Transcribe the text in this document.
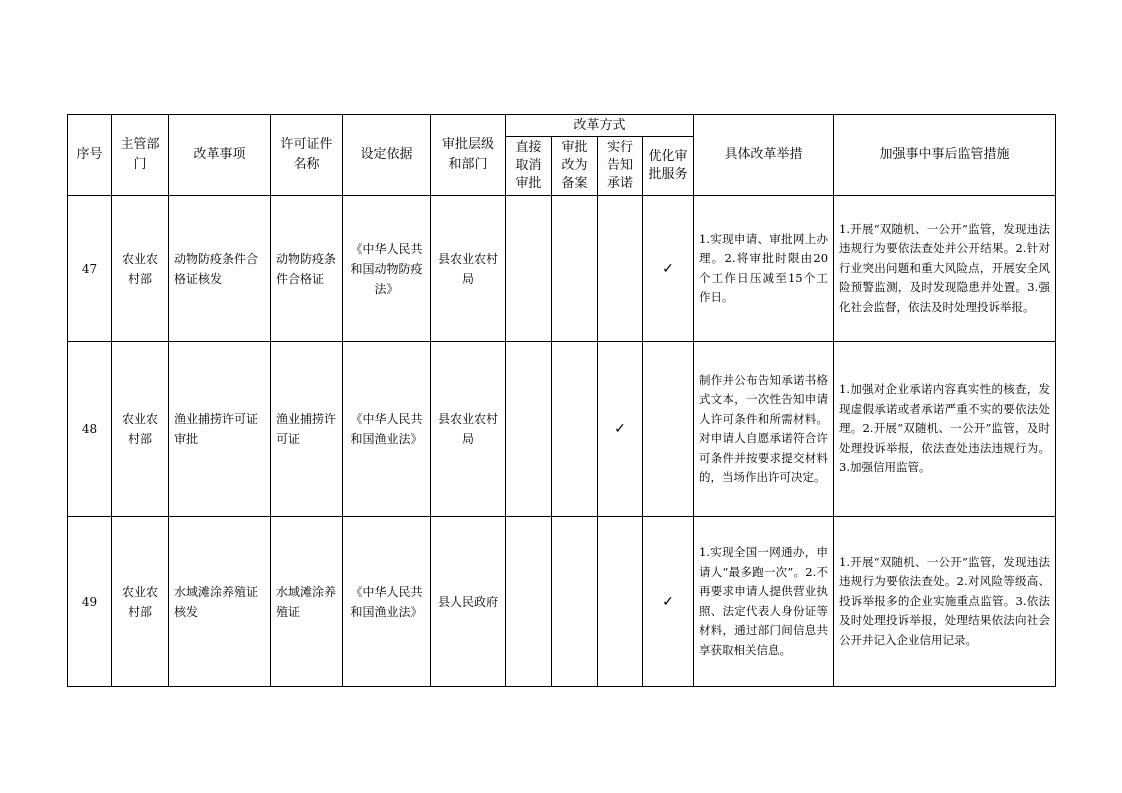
序号	主管部门	改革事项	许可证件名称	设定依据	审批层级和部门	改革方式				具体改革举措	加强事中事后监管措施
						直接取消审批	审批改为备案	实行告知承诺	优化审批服务		
47	农业农村部	动物防疫条件合格证核发	动物防疫条件合格证	《中华人民共和国动物防疫法》	县农业农村局				✓	1.实现申请、审批网上办理。2.将审批时限由20个工作日压减至15个工作日。	1.开展“双随机、一公开”监管，发现违法违规行为要依法查处并公开结果。2.针对行业突出问题和重大风险点，开展安全风险预警监测，及时发现隐患并处置。3.强化社会监督，依法及时处理投诉举报。
48	农业农村部	渔业捕捞许可证审批	渔业捕捞许可证	《中华人民共和国渔业法》	县农业农村局			✓		制作并公布告知承诺书格式文本，一次性告知申请人许可条件和所需材料。对申请人自愿承诺符合许可条件并按要求提交材料的，当场作出许可决定。	1.加强对企业承诺内容真实性的核查，发现虚假承诺或者承诺严重不实的要依法处理。2.开展“双随机、一公开”监管，及时处理投诉举报，依法查处违法违规行为。3.加强信用监管。
49	农业农村部	水域滩涂养殖证核发	水域滩涂养殖证	《中华人民共和国渔业法》	县人民政府				✓	1.实现全国一网通办，申请人“最多跑一次”。2.不再要求申请人提供营业执照、法定代表人身份证等材料，通过部门间信息共享获取相关信息。	1.开展“双随机、一公开”监管，发现违法违规行为要依法查处。2.对风险等级高、投诉举报多的企业实施重点监管。3.依法及时处理投诉举报，处理结果依法向社会公开并记入企业信用记录。
